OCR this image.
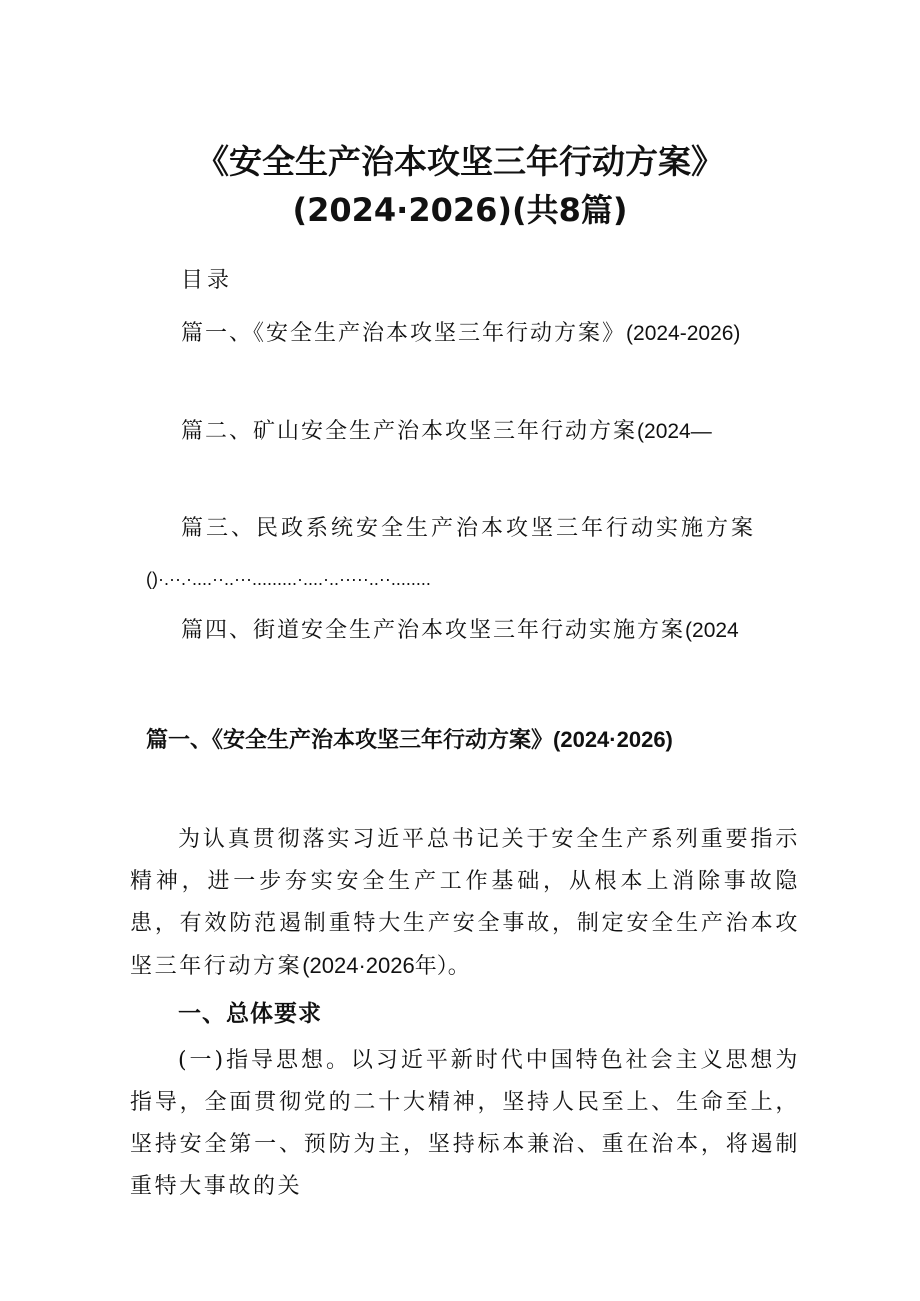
《安全生产治本攻坚三年行动方案》
(2024·2026)(共8篇)
目录
篇一、《安全生产治本攻坚三年行动方案》(2024-2026)
篇二、矿山安全生产治本攻坚三年行动方案(2024—
篇三、民政系统安全生产治本攻坚三年行动实施方案
()·.··.·....··..···.........·....·..·····..··........
篇四、街道安全生产治本攻坚三年行动实施方案(2024
篇一、《安全生产治本攻坚三年行动方案》(2024·2026)
为认真贯彻落实习近平总书记关于安全生产系列重要指示精神，进一步夯实安全生产工作基础，从根本上消除事故隐患，有效防范遏制重特大生产安全事故，制定安全生产治本攻坚三年行动方案(2024·2026年）。
一、总体要求
(一)指导思想。以习近平新时代中国特色社会主义思想为指导，全面贯彻党的二十大精神，坚持人民至上、生命至上，坚持安全第一、预防为主，坚持标本兼治、重在治本，将遏制重特大事故的关
